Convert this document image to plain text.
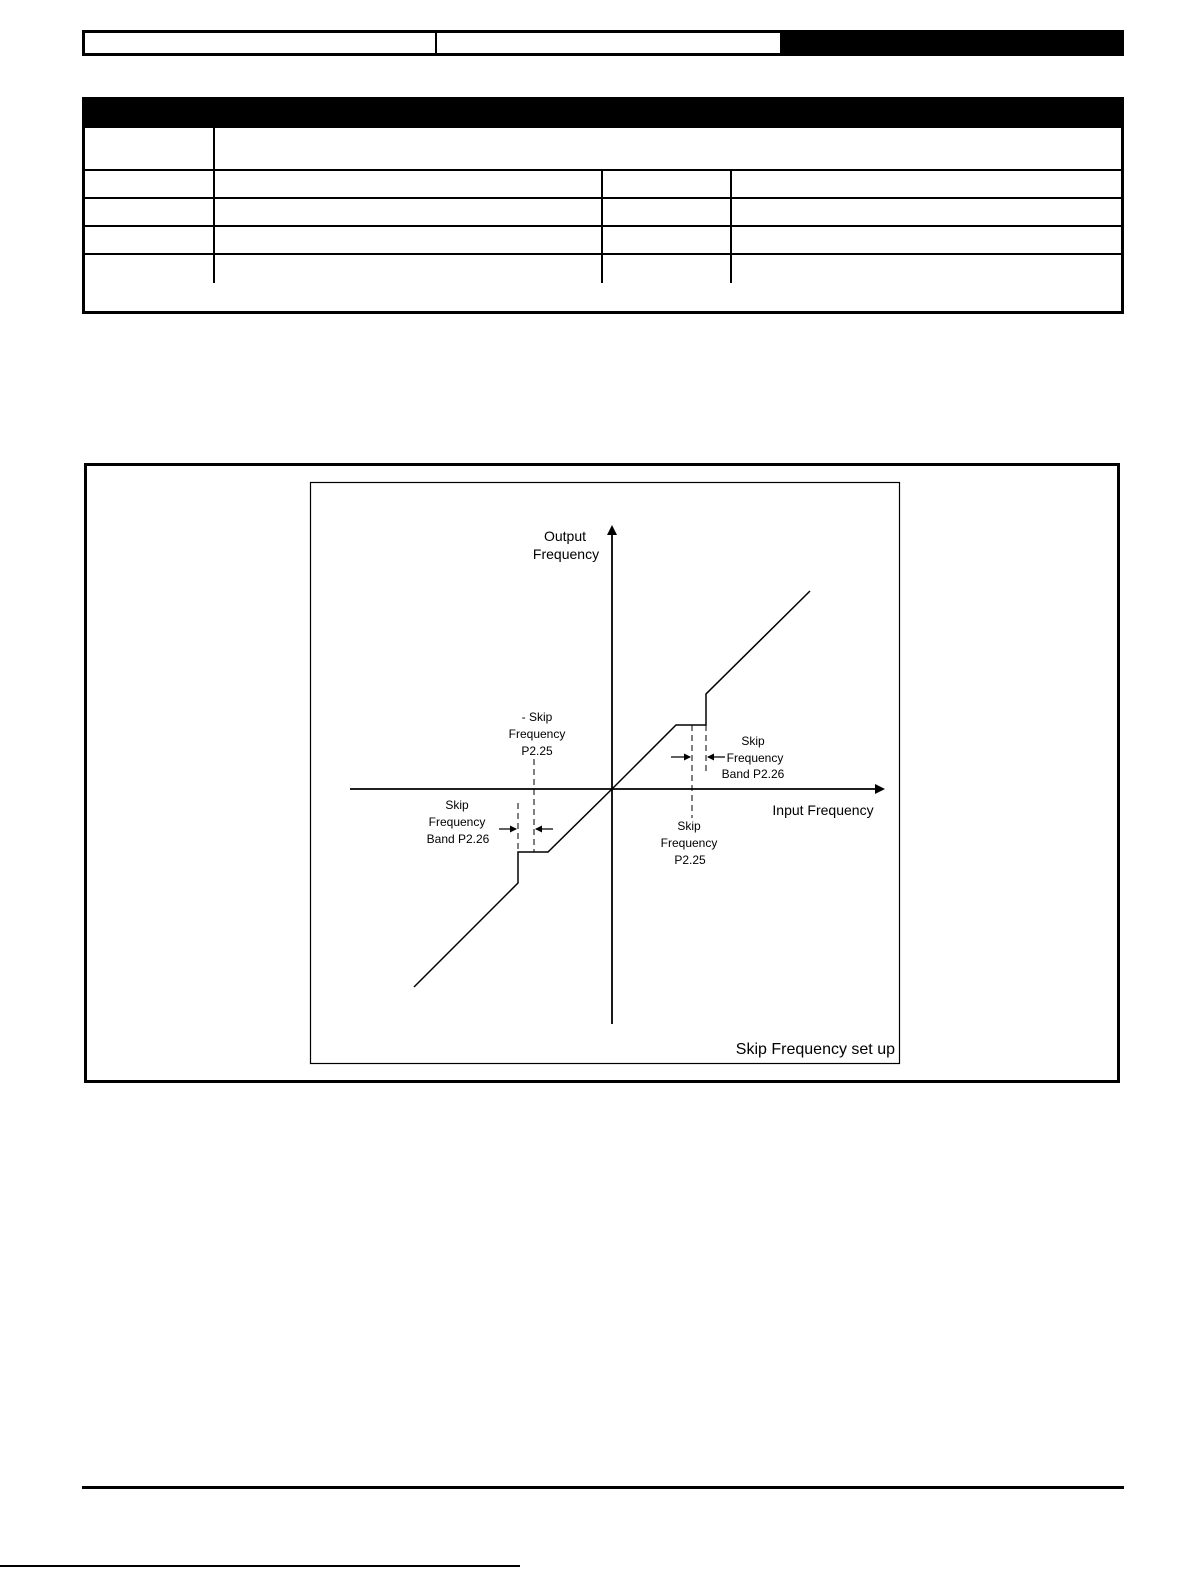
Output
Frequency
Input Frequency
- Skip
Frequency
P2.25
Skip
Frequency
Band P2.26
Skip
Frequency
P2.25
Skip
Frequency
Band P2.26
Skip Frequency set up
